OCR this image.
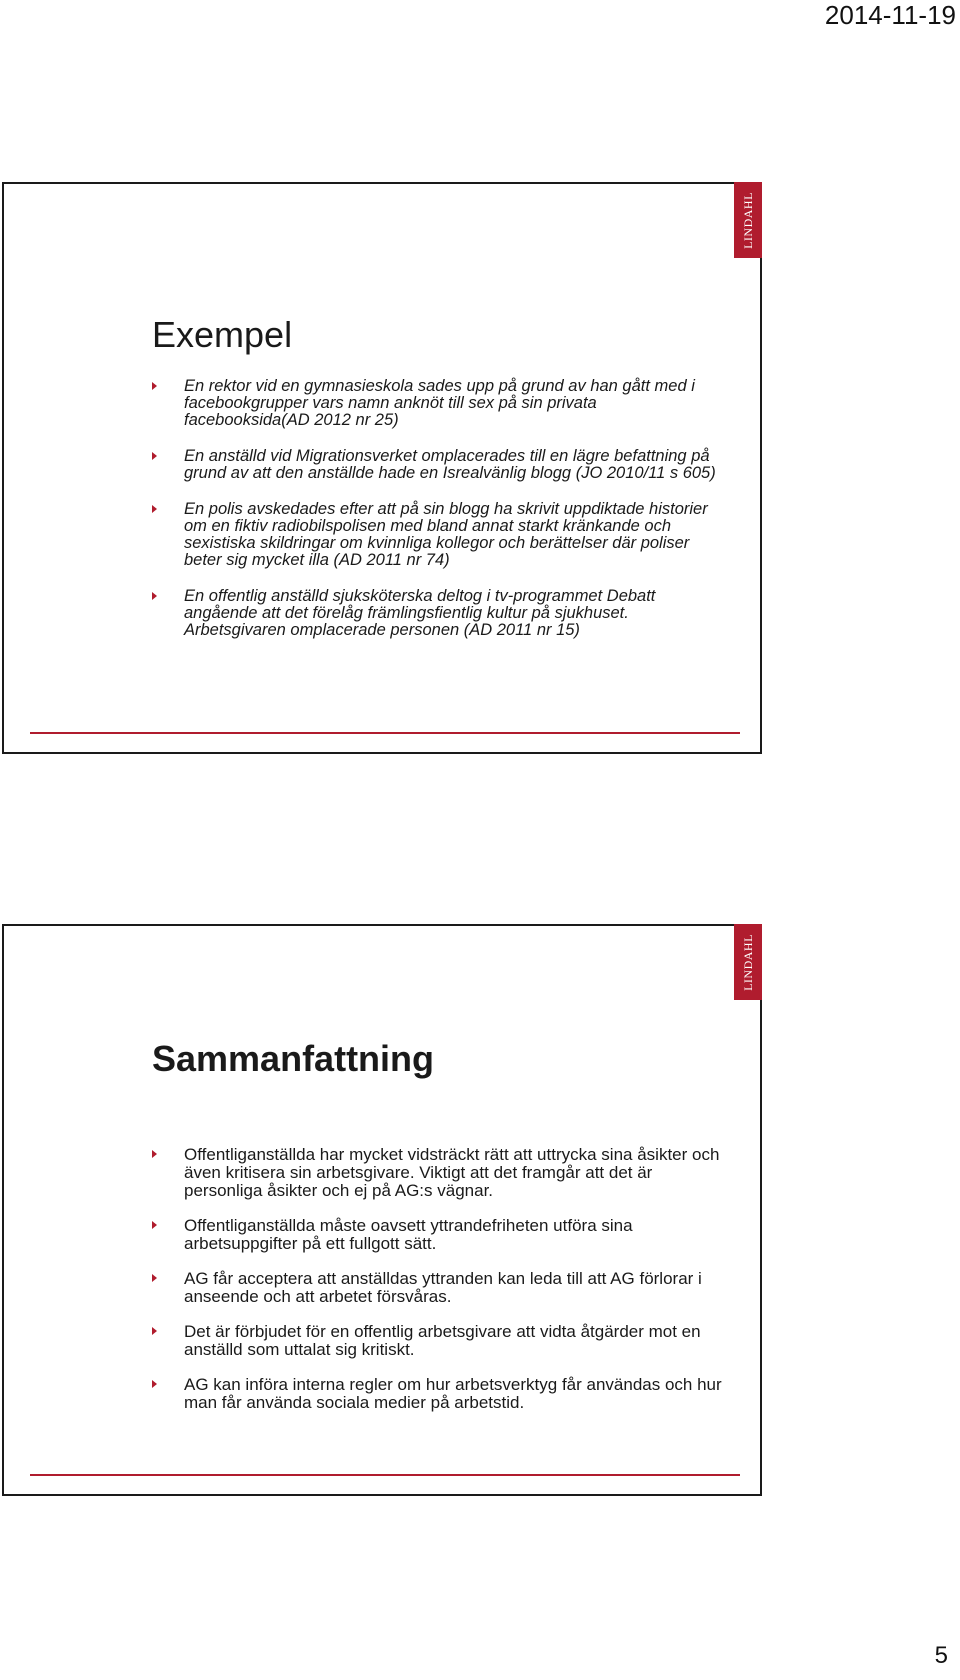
2014-11-19
LINDAHL
Exempel
En rektor vid en gymnasieskola sades upp på grund av han gått med i facebookgrupper vars namn anknöt till sex på sin privata facebooksida(AD 2012 nr 25)
En anställd vid Migrationsverket omplacerades till en lägre befattning på grund av att den anställde hade en Isrealvänlig blogg (JO 2010/11 s 605)
En polis avskedades efter att på sin blogg ha skrivit uppdiktade historier om en fiktiv radiobilspolisen med bland annat starkt kränkande och sexistiska skildringar om kvinnliga kollegor och berättelser där poliser beter sig mycket illa (AD 2011 nr 74)
En offentlig anställd sjuksköterska deltog i tv-programmet Debatt angående att det förelåg främlingsfientlig kultur på sjukhuset. Arbetsgivaren omplacerade personen (AD 2011 nr 15)
LINDAHL
Sammanfattning
Offentliganställda har mycket vidsträckt rätt att uttrycka sina åsikter och även kritisera sin arbetsgivare. Viktigt att det framgår att det är personliga åsikter och ej på AG:s vägnar.
Offentliganställda måste oavsett yttrandefriheten utföra sina arbetsuppgifter på ett fullgott sätt.
AG får acceptera att anställdas yttranden kan leda till att AG förlorar i anseende och att arbetet försvåras.
Det är förbjudet för en offentlig arbetsgivare att vidta åtgärder mot en anställd som uttalat sig kritiskt.
AG kan införa interna regler om hur arbetsverktyg får användas och hur man får använda sociala medier på arbetstid.
5
